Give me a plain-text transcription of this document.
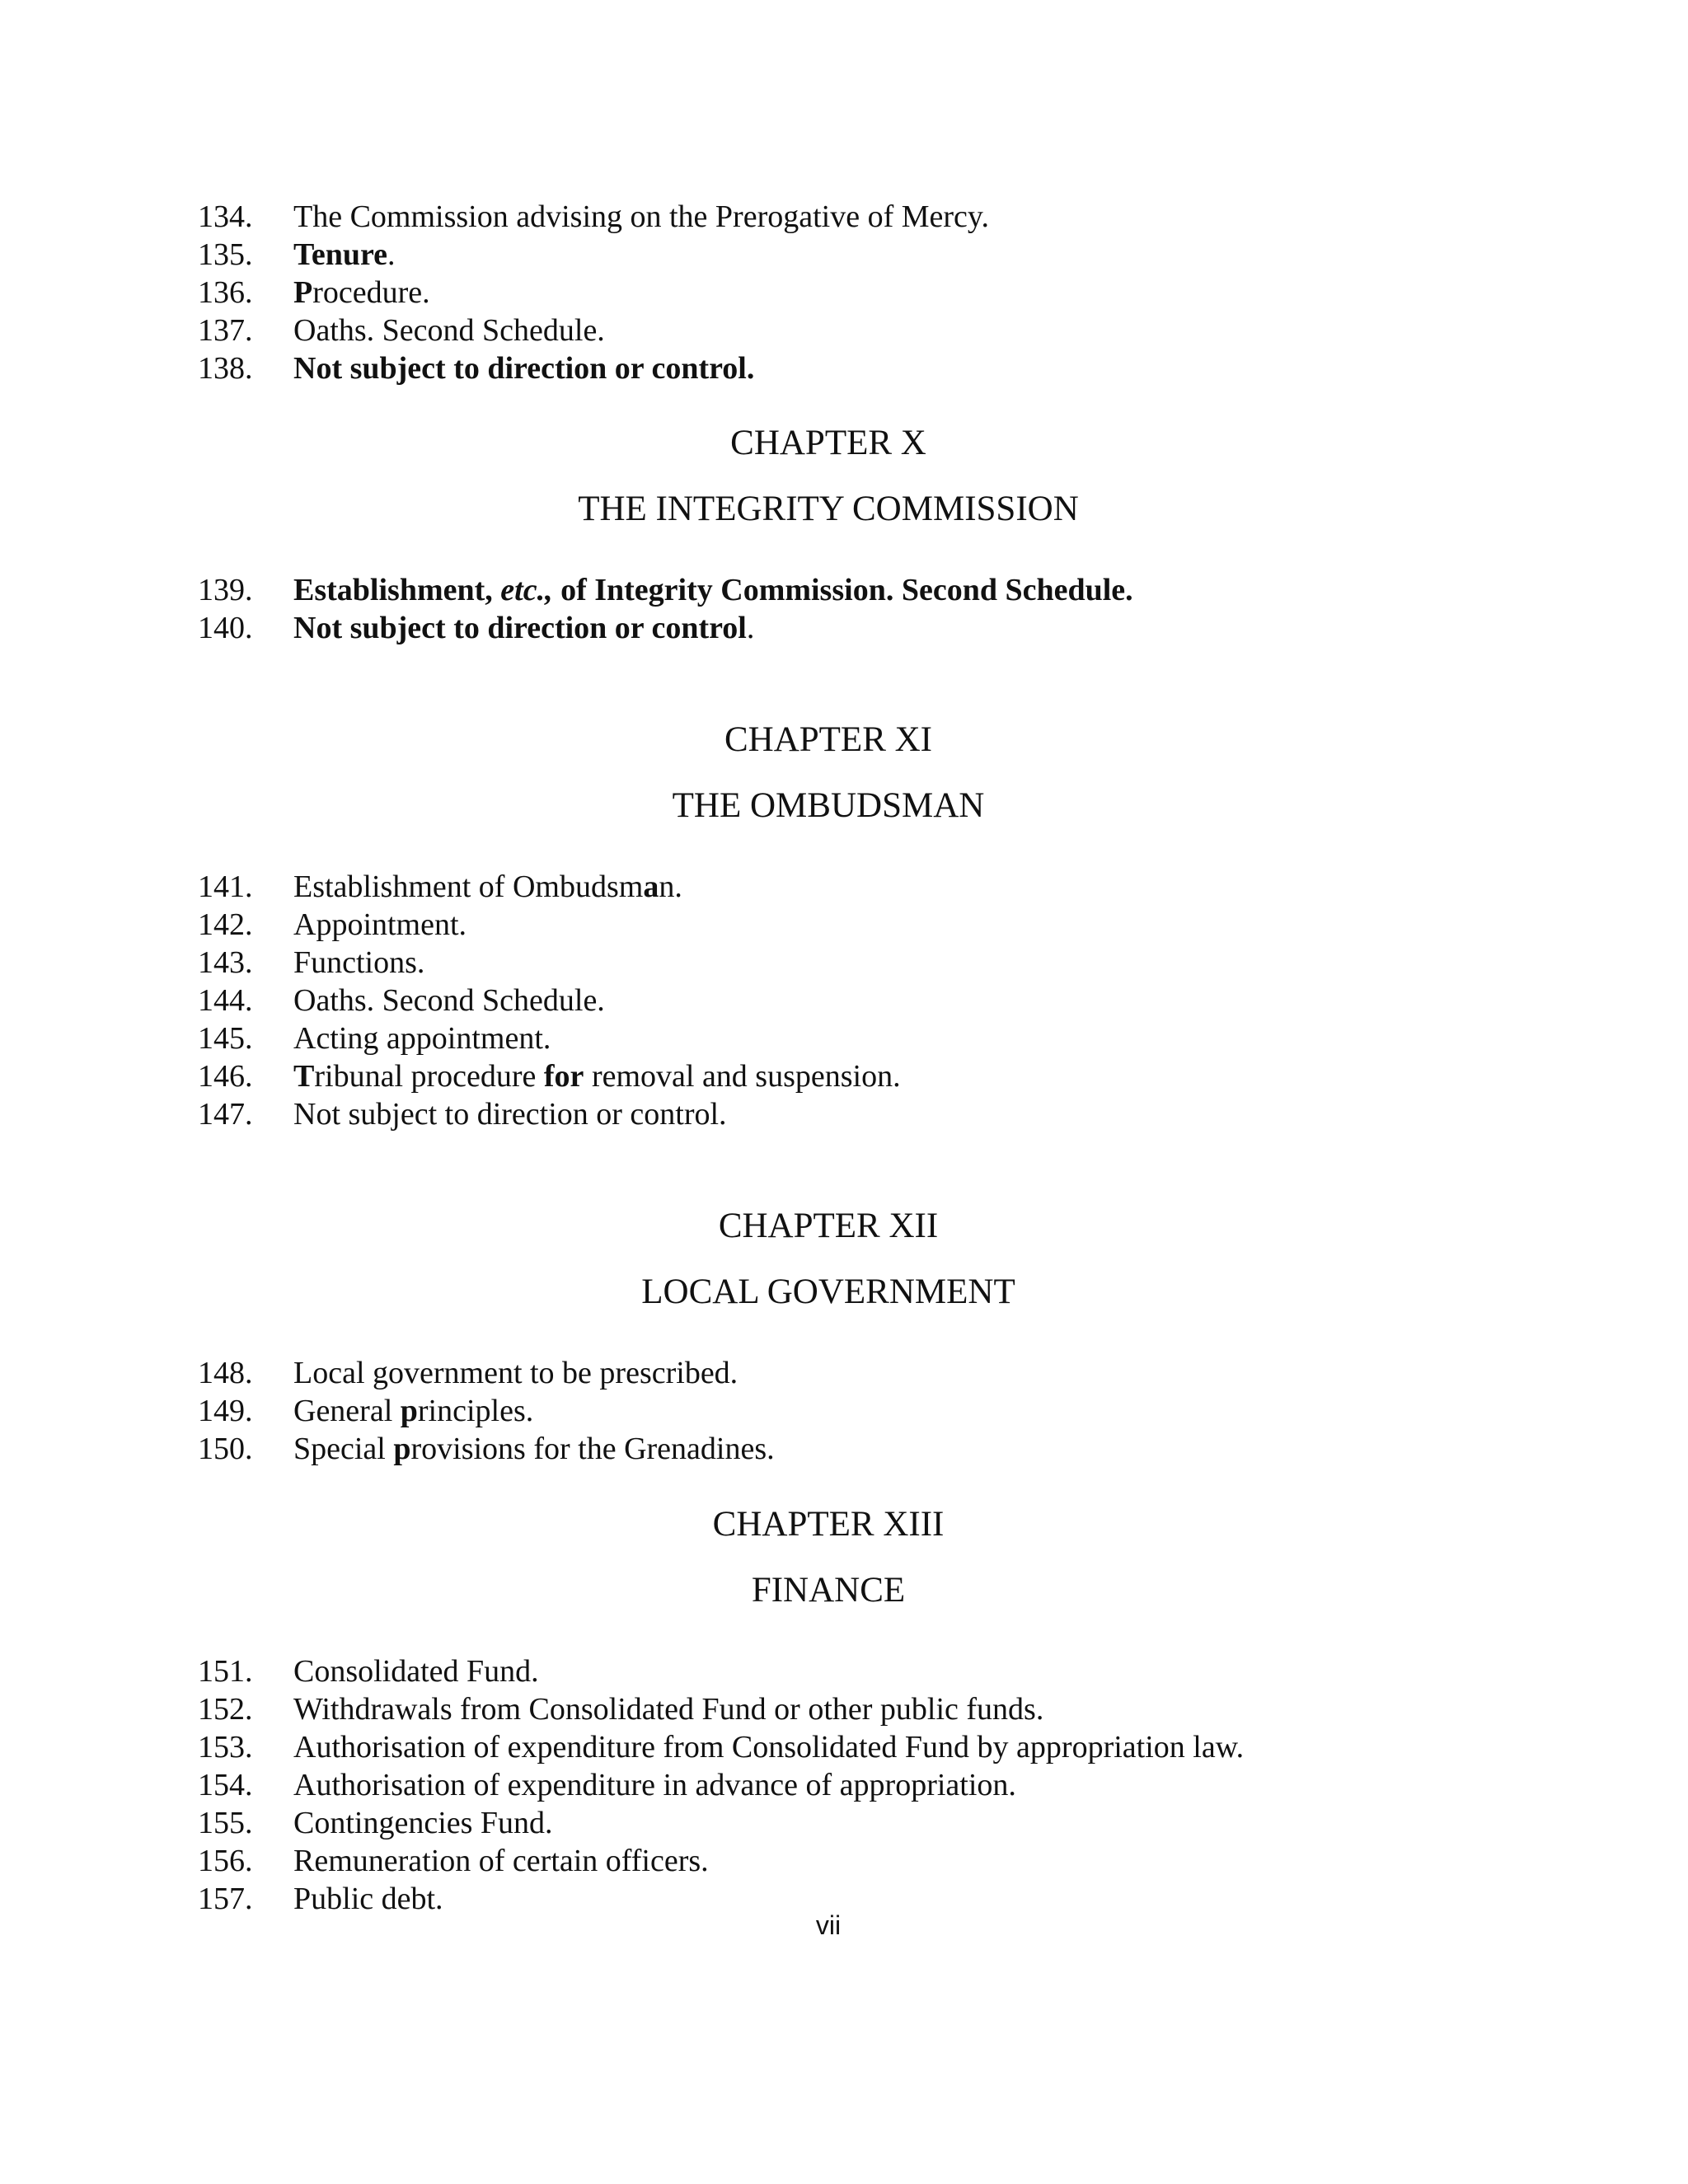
CHAPTER X
THE INTEGRITY COMMISSION
CHAPTER XI
THE OMBUDSMAN
CHAPTER XII
LOCAL GOVERNMENT
CHAPTER XIII
FINANCE
134.	The Commission advising on the Prerogative of Mercy.
135.	Tenure.
136.	Procedure.
137.	Oaths. Second Schedule.
138.	Not subject to direction or control.
139.	Establishment, etc., of Integrity Commission. Second Schedule.
140.	Not subject to direction or control.
141.	Establishment of Ombudsman.
142.	Appointment.
143.	Functions.
144.	Oaths. Second Schedule.
145.	Acting appointment.
146.	Tribunal procedure for removal and suspension.
147.	Not subject to direction or control.
148.	Local government to be prescribed.
149.	General principles.
150.	Special provisions for the Grenadines.
151.	Consolidated Fund.
152.	Withdrawals from Consolidated Fund or other public funds.
153.	Authorisation of expenditure from Consolidated Fund by appropriation law.
154.	Authorisation of expenditure in advance of appropriation.
155.	Contingencies Fund.
156.	Remuneration of certain officers.
157.	Public debt.
vii
